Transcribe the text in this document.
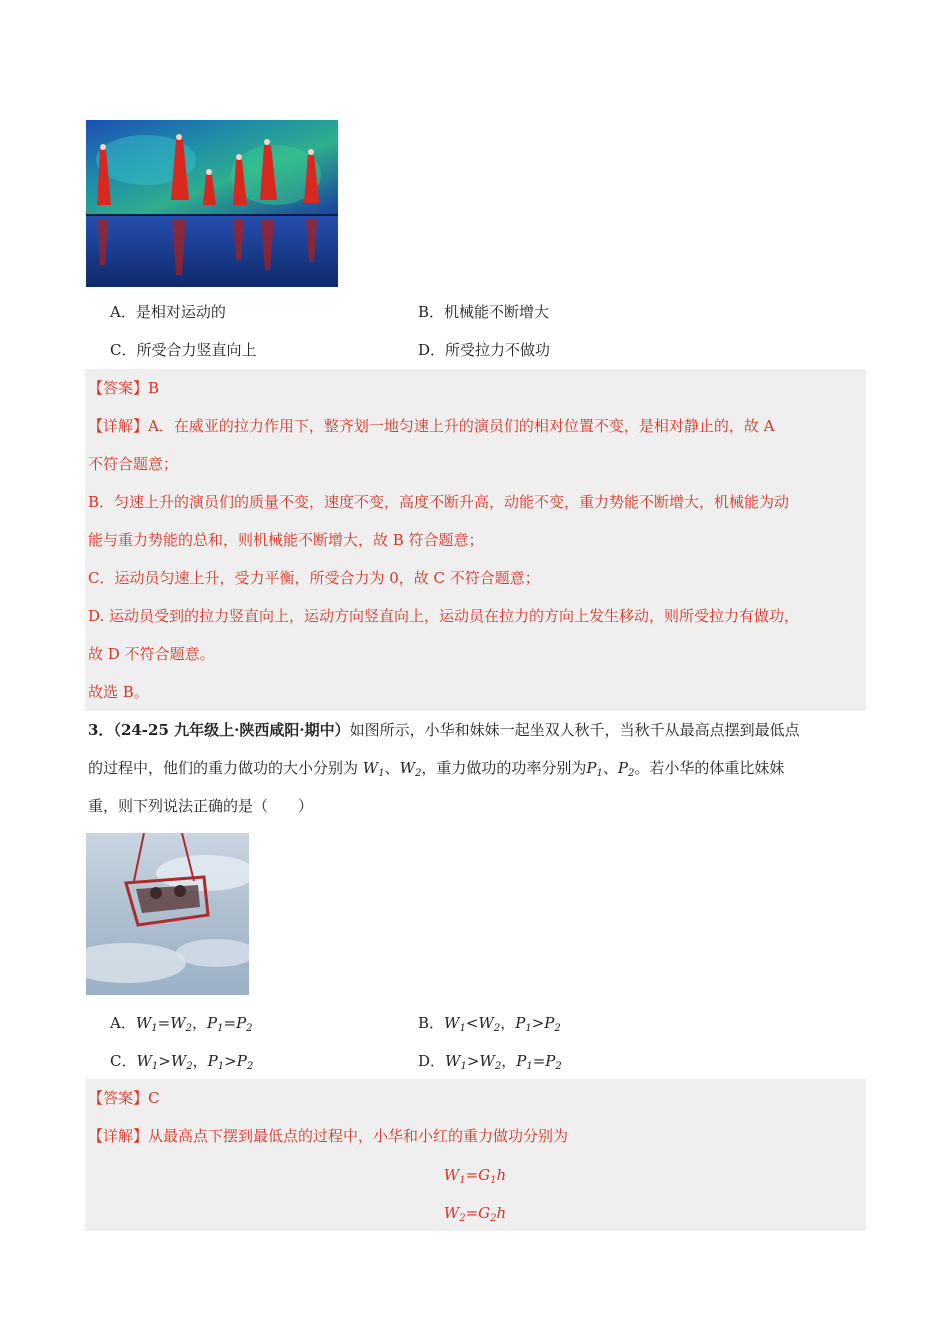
A．是相对运动的	B．机械能不断增大
C．所受合力竖直向上	D．所受拉力不做功
【答案】B
【详解】A．在威亚的拉力作用下，整齐划一地匀速上升的演员们的相对位置不变，是相对静止的，故 A
不符合题意；
B．匀速上升的演员们的质量不变，速度不变，高度不断升高，动能不变，重力势能不断增大，机械能为动
能与重力势能的总和，则机械能不断增大，故 B 符合题意；
C．运动员匀速上升，受力平衡，所受合力为 0，故 C 不符合题意；
D. 运动员受到的拉力竖直向上，运动方向竖直向上，运动员在拉力的方向上发生移动，则所受拉力有做功，
故 D 不符合题意。
故选 B。
3．（24-25 九年级上·陕西咸阳·期中）如图所示，小华和妹妹一起坐双人秋千，当秋千从最高点摆到最低点
的过程中，他们的重力做功的大小分别为 $W_1$、$W_2$，重力做功的功率分别为$P_1$、$P_2$。若小华的体重比妹妹
重，则下列说法正确的是（　　）
A．$W_1=W_2$，$P_1=P_2$	B．$W_1<W_2$，$P_1>P_2$
C．$W_1>W_2$，$P_1>P_2$	D．$W_1>W_2$，$P_1=P_2$
【答案】C
【详解】从最高点下摆到最低点的过程中，小华和小红的重力做功分别为
$W_1=G_1h$
$W_2=G_2h$
